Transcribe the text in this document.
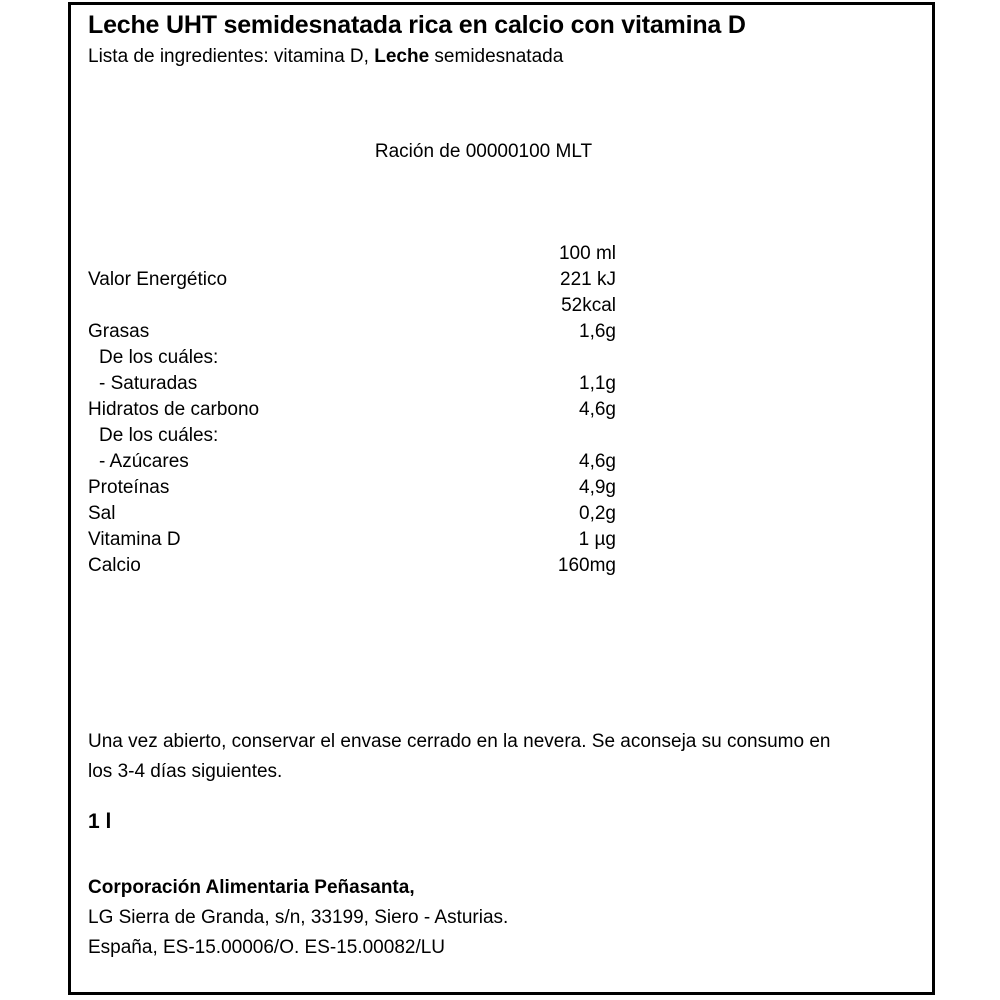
Leche UHT semidesnatada rica en calcio con vitamina D
Lista de ingredientes: vitamina D, Leche semidesnatada
Ración de 00000100 MLT
100 ml
Valor Energético	221 kJ
52kcal
Grasas	1,6g
De los cuáles:
- Saturadas	1,1g
Hidratos de carbono	4,6g
De los cuáles:
- Azúcares	4,6g
Proteínas	4,9g
Sal	0,2g
Vitamina D	1 µg
Calcio	160mg
Una vez abierto, conservar el envase cerrado en la nevera. Se aconseja su consumo en los 3-4 días siguientes.
1 l
Corporación Alimentaria Peñasanta,
LG Sierra de Granda, s/n, 33199, Siero - Asturias.
España, ES-15.00006/O. ES-15.00082/LU
